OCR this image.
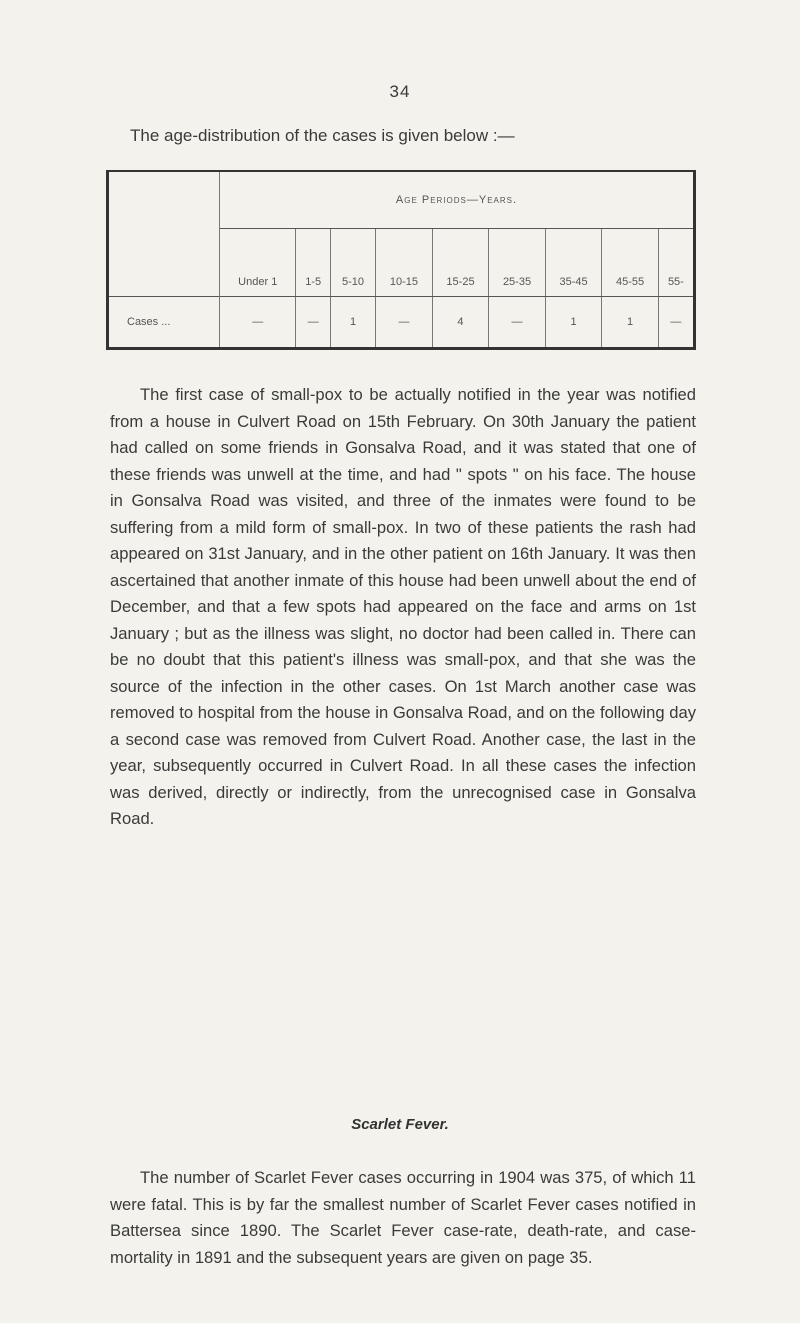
34
The age-distribution of the cases is given below :—
	Age Periods—Years.								
	Under 1	1-5	5-10	10-15	15-25	25-35	35-45	45-55	55-
Cases ...	—	—	1	—	4	—	1	1	—

The first case of small-pox to be actually notified in the year was notified from a house in Culvert Road on 15th February. On 30th January the patient had called on some friends in Gonsalva Road, and it was stated that one of these friends was unwell at the time, and had " spots " on his face. The house in Gonsalva Road was visited, and three of the inmates were found to be suffering from a mild form of small-pox. In two of these patients the rash had appeared on 31st January, and in the other patient on 16th January. It was then ascertained that another inmate of this house had been unwell about the end of December, and that a few spots had appeared on the face and arms on 1st January ; but as the illness was slight, no doctor had been called in. There can be no doubt that this patient's illness was small-pox, and that she was the source of the infection in the other cases. On 1st March another case was removed to hospital from the house in Gonsalva Road, and on the following day a second case was removed from Culvert Road. Another case, the last in the year, subsequently occurred in Culvert Road. In all these cases the infection was derived, directly or indirectly, from the unrecognised case in Gonsalva Road.

Scarlet Fever.

The number of Scarlet Fever cases occurring in 1904 was 375, of which 11 were fatal. This is by far the smallest number of Scarlet Fever cases notified in Battersea since 1890. The Scarlet Fever case-rate, death-rate, and case-mortality in 1891 and the subsequent years are given on page 35.
